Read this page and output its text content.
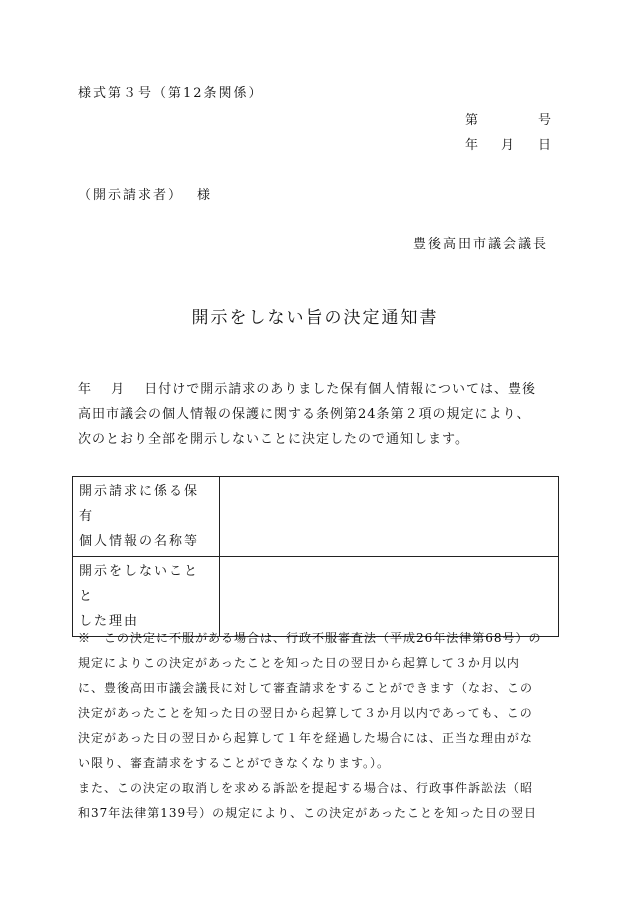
様式第３号（第12条関係）
第	号
年 月 日
（開示請求者） 様
豊後高田市議会議長
開示をしない旨の決定通知書
年　 月　 日付けで開示請求のありました保有個人情報については、豊後
高田市議会の個人情報の保護に関する条例第24条第２項の規定により、
次のとおり全部を開示しないことに決定したので通知します。
開示請求に係る保
有
個人情報の名称等	

開示をしないこと
と
した理由	

※　この決定に不服がある場合は、行政不服審査法（平成26年法律第68号）の
規定によりこの決定があったことを知った日の翌日から起算して３か月以内
に、豊後高田市議会議長に対して審査請求をすることができます（なお、この
決定があったことを知った日の翌日から起算して３か月以内であっても、この
決定があった日の翌日から起算して１年を経過した場合には、正当な理由がな
い限り、審査請求をすることができなくなります。）。
また、この決定の取消しを求める訴訟を提起する場合は、行政事件訴訟法（昭
和37年法律第139号）の規定により、この決定があったことを知った日の翌日
